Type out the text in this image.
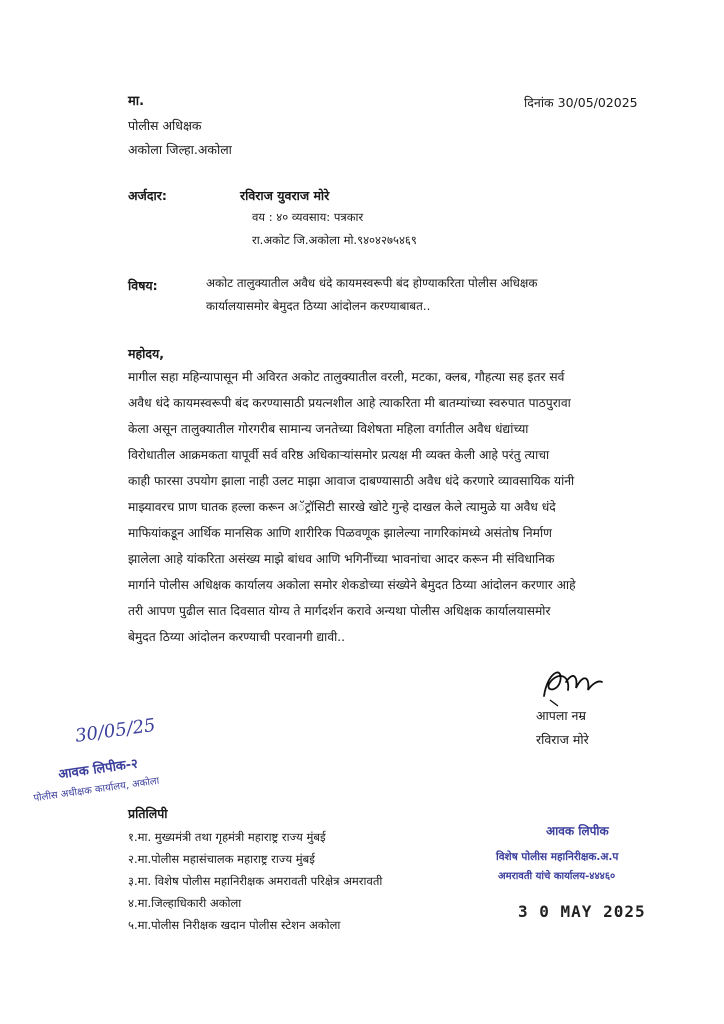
मा.	दिनांक 30/05/02025
पोलीस अधिक्षक
अकोला जिल्हा.अकोला
अर्जदार:	रविराज युवराज मोरे
वय : ४० व्यवसाय: पत्रकार
रा.अकोट जि.अकोला मो.९४०४२७५४६९
विषय:	अकोट तालुक्यातील अवैध धंदे कायमस्वरूपी बंद होण्याकरिता पोलीस अधिक्षक
कार्यालयासमोर बेमुदत ठिय्या आंदोलन करण्याबाबत..
महोदय,
मागील सहा महिन्यापासून मी अविरत अकोट तालुक्यातील वरली, मटका, क्लब, गौहत्या सह इतर सर्व
अवैध धंदे कायमस्वरूपी बंद करण्यासाठी प्रयत्नशील आहे त्याकरिता मी बातम्यांच्या स्वरुपात पाठपुरावा
केला असून तालुक्यातील गोरगरीब सामान्य जनतेच्या विशेषता महिला वर्गातील अवैध धंद्यांच्या
विरोधातील आक्रमकता यापूर्वी सर्व वरिष्ठ अधिकाऱ्यांसमोर प्रत्यक्ष मी व्यक्त केली आहे परंतु त्याचा
काही फारसा उपयोग झाला नाही उलट माझा आवाज दाबण्यासाठी अवैध धंदे करणारे व्यावसायिक यांनी
माझ्यावरच प्राण घातक हल्ला करून अॅट्रॉसिटी सारखे खोटे गुन्हे दाखल केले त्यामुळे या अवैध धंदे
माफियांकडून आर्थिक मानसिक आणि शारीरिक पिळवणूक झालेल्या नागरिकांमध्ये असंतोष निर्माण
झालेला आहे यांकरिता असंख्य माझे बांधव आणि भगिनींच्या भावनांचा आदर करून मी संविधानिक
मार्गाने पोलीस अधिक्षक कार्यालय अकोला समोर शेकडोच्या संख्येने बेमुदत ठिय्या आंदोलन करणार आहे
तरी आपण पुढील सात दिवसात योग्य ते मार्गदर्शन करावे अन्यथा पोलीस अधिक्षक कार्यालयासमोर
बेमुदत ठिय्या आंदोलन करण्याची परवानगी द्यावी..
आपला नम्र
रविराज मोरे
30/05/25
आवक लिपीक-२
पोलीस अधीक्षक कार्यालय, अकोला
प्रतिलिपी
१.मा. मुख्यमंत्री तथा गृहमंत्री महाराष्ट्र राज्य मुंबई
२.मा.पोलीस महासंचालक महाराष्ट्र राज्य मुंबई
३.मा. विशेष पोलीस महानिरीक्षक अमरावती परिक्षेत्र अमरावती
४.मा.जिल्हाधिकारी अकोला
५.मा.पोलीस निरीक्षक खदान पोलीस स्टेशन अकोला
आवक लिपीक
विशेष पोलीस महानिरीक्षक.अ.प
अमरावती यांचे कार्यालय-४४४६०
3 0 MAY 2025
